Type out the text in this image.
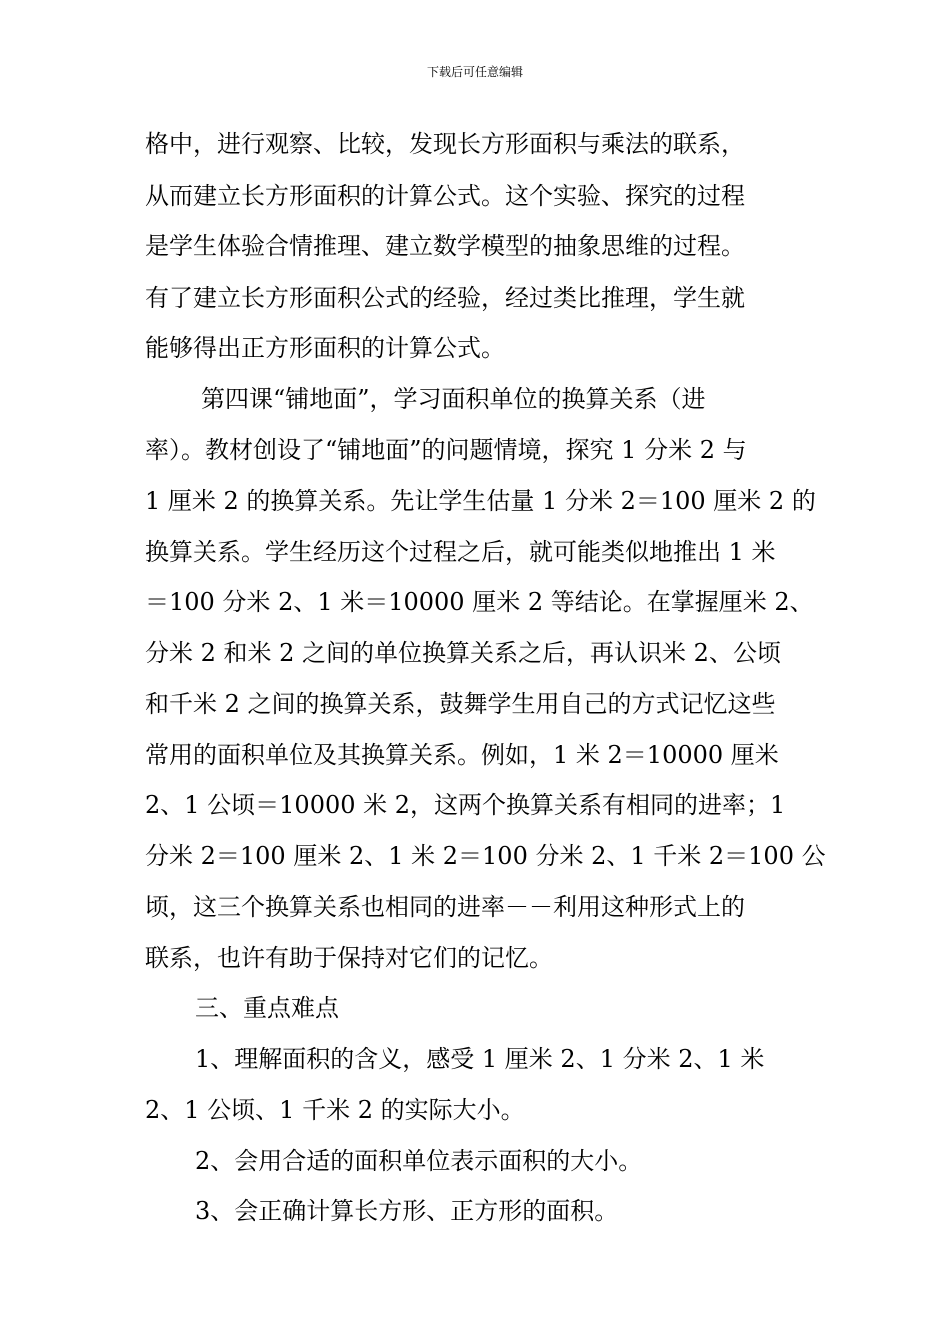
下载后可任意编辑
格中，进行观察、比较，发现长方形面积与乘法的联系，
从而建立长方形面积的计算公式。这个实验、探究的过程
是学生体验合情推理、建立数学模型的抽象思维的过程。
有了建立长方形面积公式的经验，经过类比推理，学生就
能够得出正方形面积的计算公式。
第四课“铺地面”，学习面积单位的换算关系（进
率）。教材创设了“铺地面”的问题情境，探究 1 分米 2 与
1 厘米 2 的换算关系。先让学生估量 1 分米 2＝100 厘米 2 的
换算关系。学生经历这个过程之后，就可能类似地推出 1 米
＝100 分米 2、1 米＝10000 厘米 2 等结论。在掌握厘米 2、
分米 2 和米 2 之间的单位换算关系之后，再认识米 2、公顷
和千米 2 之间的换算关系，鼓舞学生用自己的方式记忆这些
常用的面积单位及其换算关系。例如，1 米 2＝10000 厘米
2、1 公顷＝10000 米 2，这两个换算关系有相同的进率；1
分米 2＝100 厘米 2、1 米 2＝100 分米 2、1 千米 2＝100 公
顷，这三个换算关系也相同的进率－－利用这种形式上的
联系，也许有助于保持对它们的记忆。
三、重点难点
1、理解面积的含义，感受 1 厘米 2、1 分米 2、1 米
2、1 公顷、1 千米 2 的实际大小。
2、会用合适的面积单位表示面积的大小。
3、会正确计算长方形、正方形的面积。
